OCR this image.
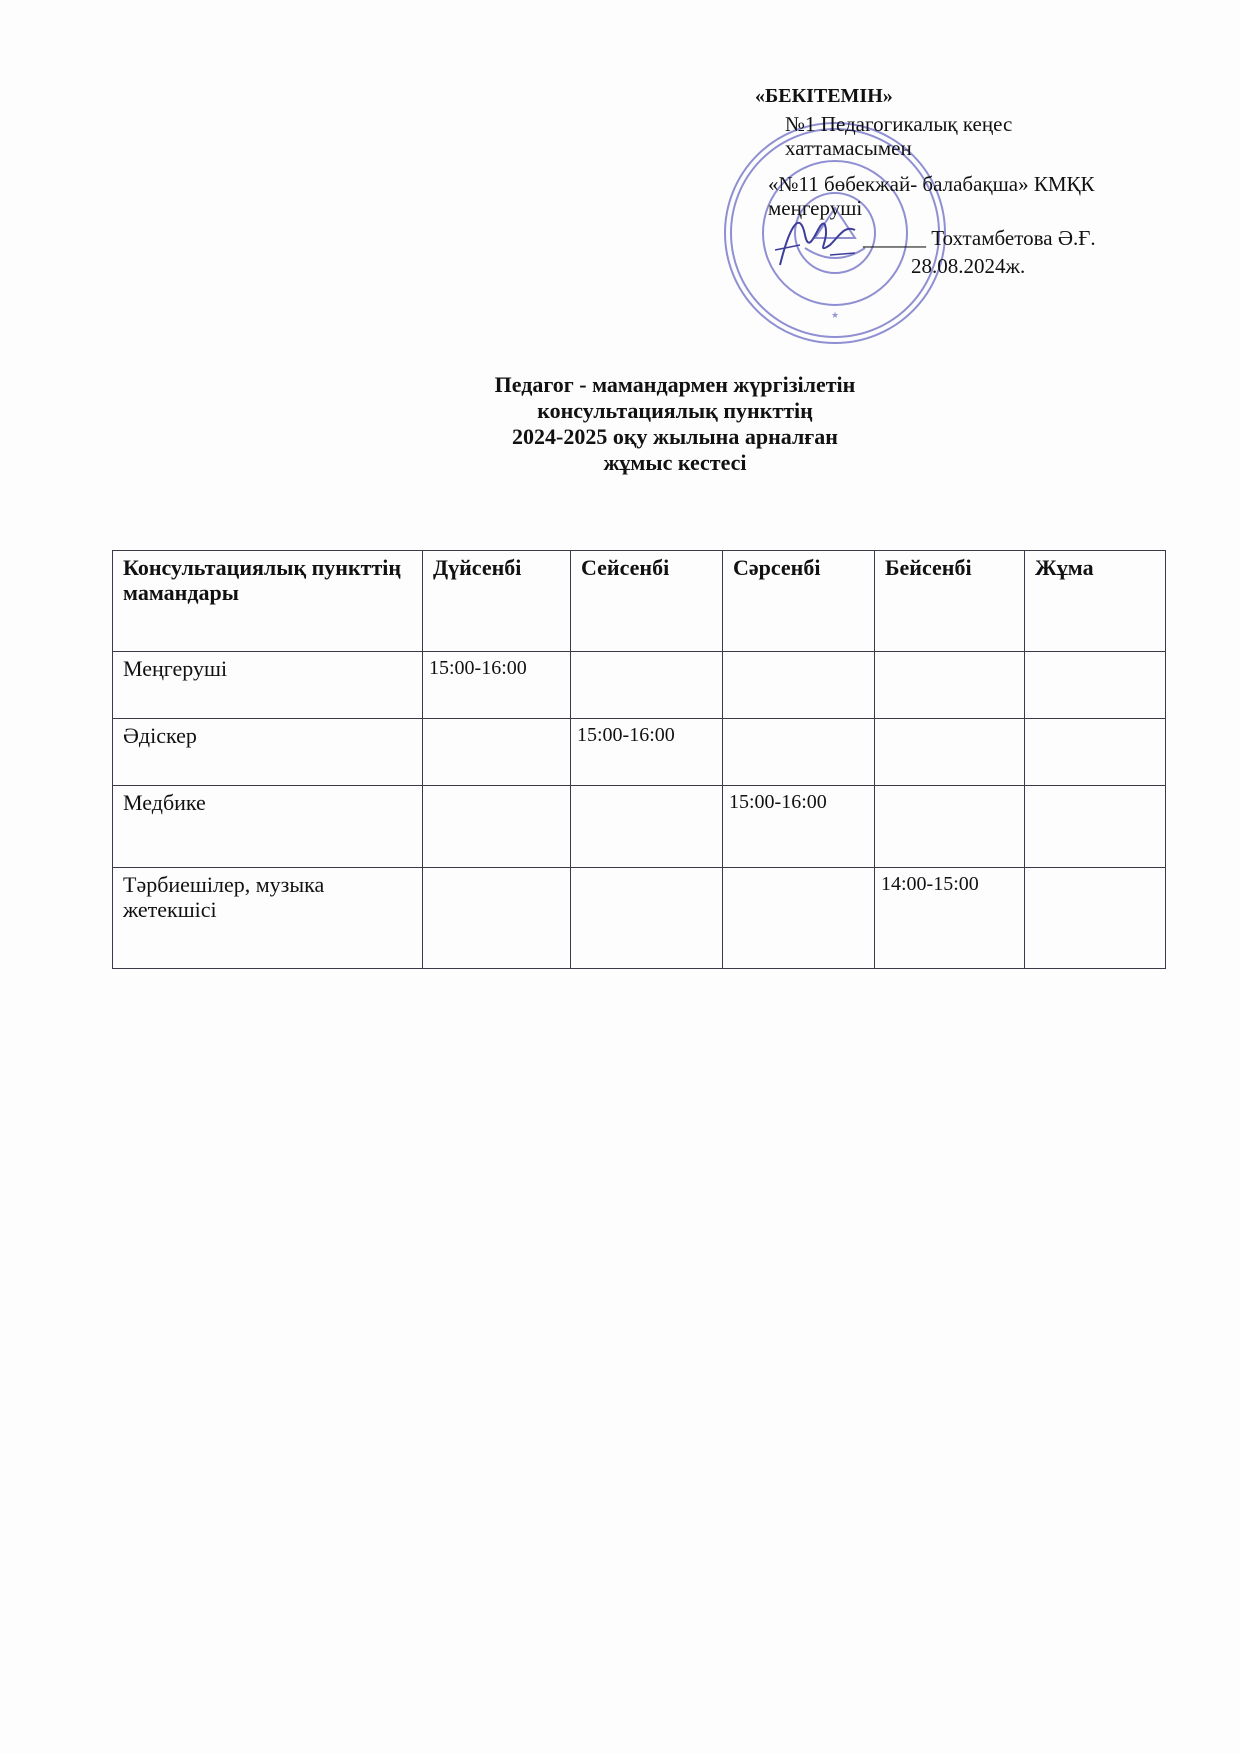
★
«БЕКІТЕМІН»
№1 Педагогикалық кеңес
хаттамасымен
«№11 бөбекжай- балабақша» КМҚК
меңгеруші
______ Тохтамбетова Ә.Ғ.
28.08.2024ж.
Педагог - мамандармен жүргізілетін
консультациялық пункттің
2024-2025 оқу жылына арналған
жұмыс кестесі
Консультациялық пункттің мамандары	Дүйсенбі	Сейсенбі	Сәрсенбі	Бейсенбі	Жұма
Меңгеруші	15:00-16:00				
Әдіскер		15:00-16:00			
Медбике			15:00-16:00		
Тәрбиешілер, музыка жетекшісі				14:00-15:00	
